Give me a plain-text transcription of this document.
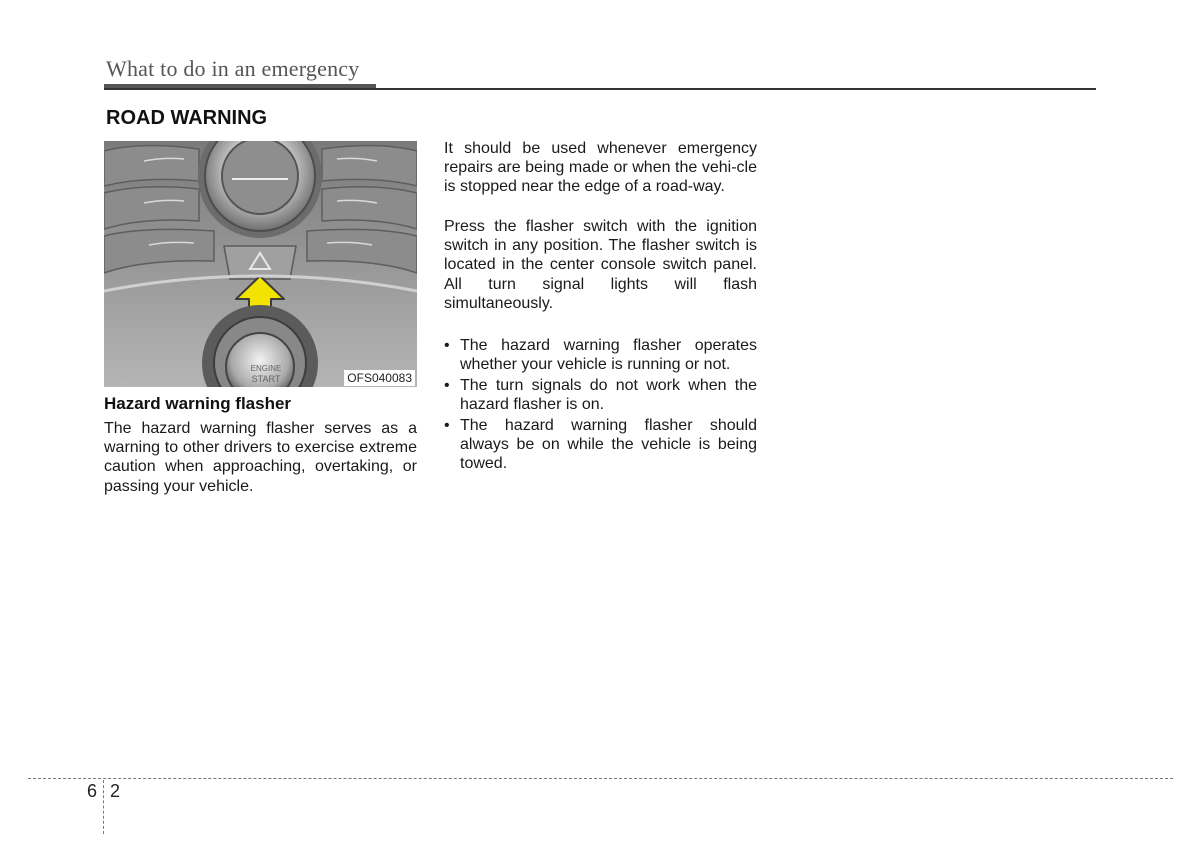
What to do in an emergency
ROAD WARNING
ENGINE
START	OFS040083
Hazard warning flasher
The hazard warning flasher serves as a warning to other drivers to exercise extreme caution when approaching, overtaking, or passing your vehicle.
It should be used whenever emergency repairs are being made or when the vehi-cle is stopped near the edge of a road-way.
Press the flasher switch with the ignition switch in any position. The flasher switch is located in the center console switch panel. All turn signal lights will flash simultaneously.
• The hazard warning flasher operates whether your vehicle is running or not.
• The turn signals do not work when the hazard flasher is on.
• The hazard warning flasher should always be on while the vehicle is being towed.
6 2
